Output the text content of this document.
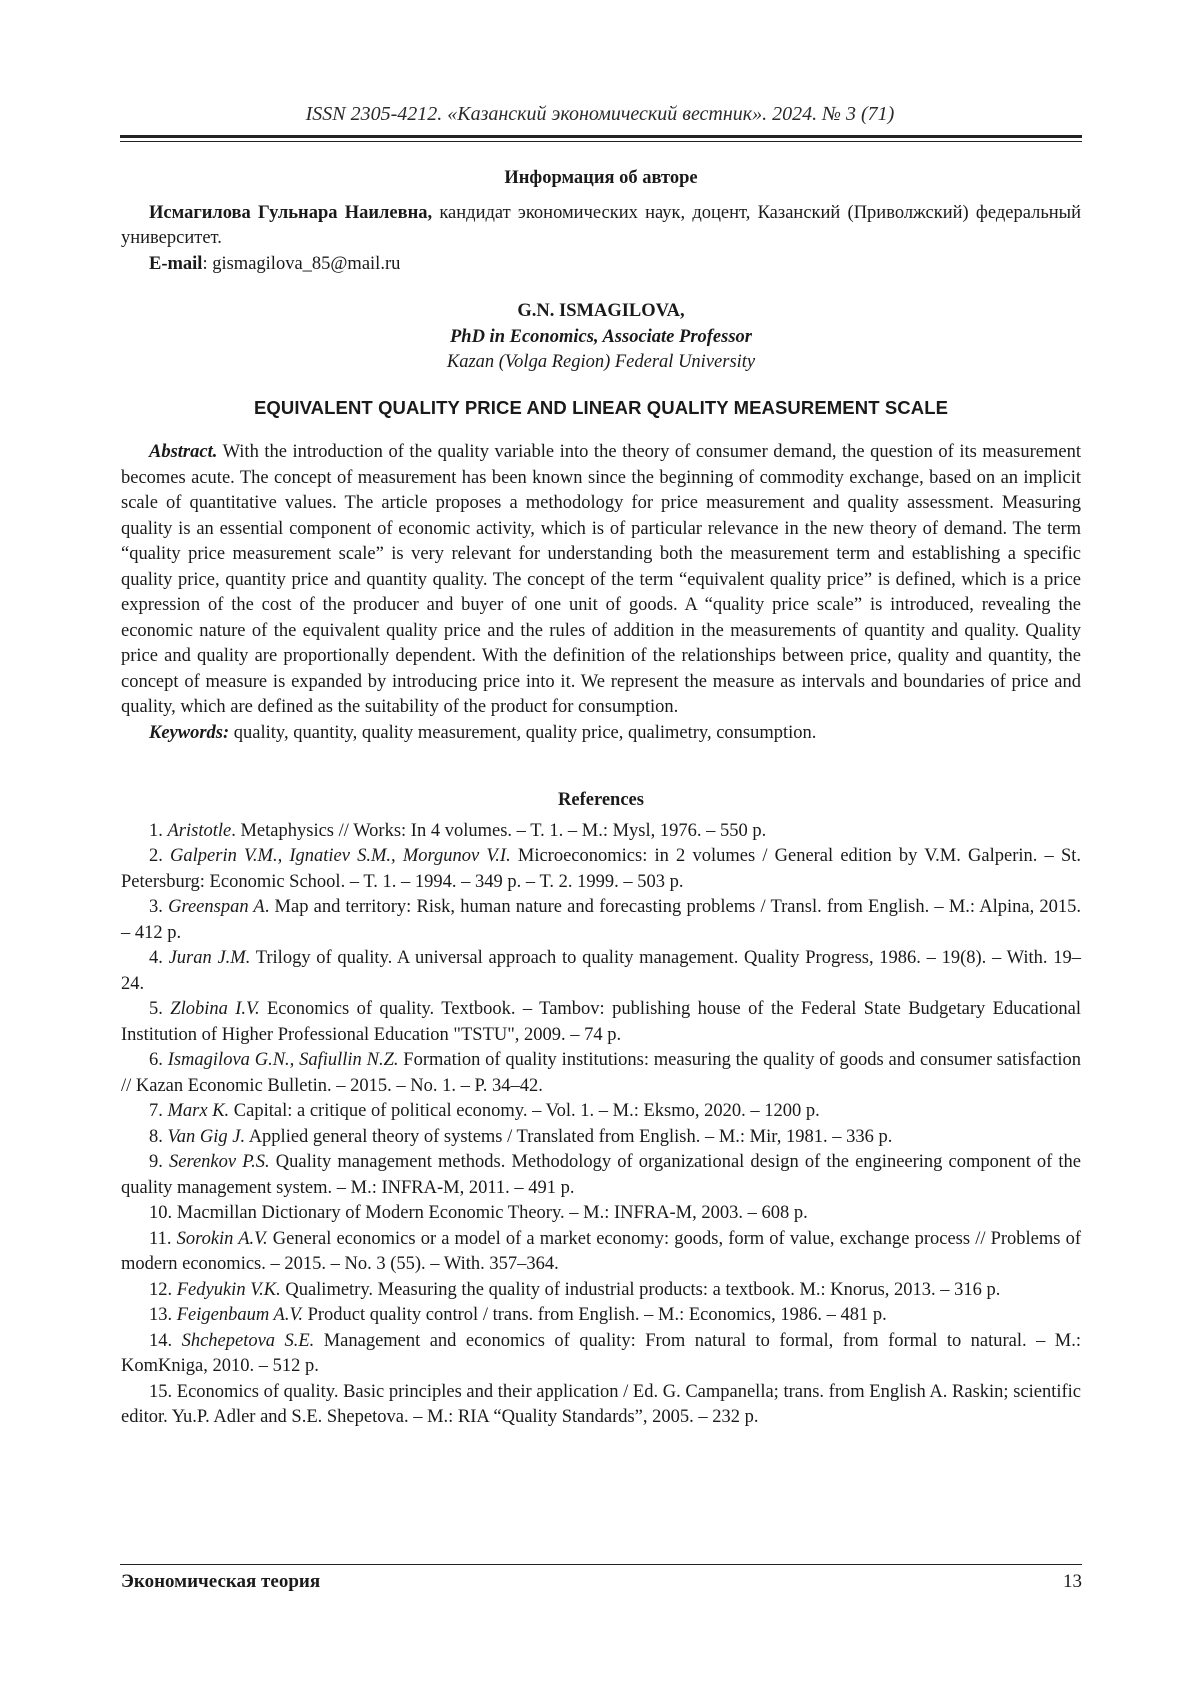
ISSN 2305-4212. «Казанский экономический вестник». 2024. № 3 (71)

Информация об авторе

Исмагилова Гульнара Наилевна, кандидат экономических наук, доцент, Казанский (Приволжский) федеральный университет.

E-mail: gismagilova_85@mail.ru

G.N. ISMAGILOVA,

PhD in Economics, Associate Professor

Kazan (Volga Region) Federal University

EQUIVALENT QUALITY PRICE AND LINEAR QUALITY MEASUREMENT SCALE

Abstract. With the introduction of the quality variable into the theory of consumer demand, the question of its measurement becomes acute. The concept of measurement has been known since the beginning of commodity exchange, based on an implicit scale of quantitative values. The article proposes a methodology for price measurement and quality assessment. Measuring quality is an essential component of economic activity, which is of particular relevance in the new theory of demand. The term “quality price measurement scale” is very relevant for understanding both the measurement term and establishing a specific quality price, quantity price and quantity quality. The concept of the term “equivalent quality price” is defined, which is a price expression of the cost of the producer and buyer of one unit of goods. A “quality price scale” is introduced, revealing the economic nature of the equivalent quality price and the rules of addition in the measurements of quantity and quality. Quality price and quality are proportionally dependent. With the definition of the relationships between price, quality and quantity, the concept of measure is expanded by introducing price into it. We represent the measure as intervals and boundaries of price and quality, which are defined as the suitability of the product for consumption.

Keywords: quality, quantity, quality measurement, quality price, qualimetry, consumption.

References

1. Aristotle. Metaphysics // Works: In 4 volumes. – T. 1. – M.: Mysl, 1976. – 550 p.

2. Galperin V.M., Ignatiev S.M., Morgunov V.I. Microeconomics: in 2 volumes / General edition by V.M. Galperin. – St. Petersburg: Economic School. – T. 1. – 1994. – 349 p. – T. 2. 1999. – 503 p.

3. Greenspan A. Map and territory: Risk, human nature and forecasting problems / Transl. from English. – M.: Alpina, 2015. – 412 p.

4. Juran J.M. Trilogy of quality. A universal approach to quality management. Quality Progress, 1986. – 19(8). – With. 19–24.

5. Zlobina I.V. Economics of quality. Textbook. – Tambov: publishing house of the Federal State Budgetary Educational Institution of Higher Professional Education "TSTU", 2009. – 74 p.

6. Ismagilova G.N., Safiullin N.Z. Formation of quality institutions: measuring the quality of goods and consumer satisfaction // Kazan Economic Bulletin. – 2015. – No. 1. – P. 34–42.

7. Marx K. Capital: a critique of political economy. – Vol. 1. – M.: Eksmo, 2020. – 1200 p.

8. Van Gig J. Applied general theory of systems / Translated from English. – M.: Mir, 1981. – 336 p.

9. Serenkov P.S. Quality management methods. Methodology of organizational design of the engineering component of the quality management system. – M.: INFRA-M, 2011. – 491 p.

10. Macmillan Dictionary of Modern Economic Theory. – M.: INFRA-M, 2003. – 608 p.

11. Sorokin A.V. General economics or a model of a market economy: goods, form of value, exchange process // Problems of modern economics. – 2015. – No. 3 (55). – With. 357–364.

12. Fedyukin V.K. Qualimetry. Measuring the quality of industrial products: a textbook. M.: Knorus, 2013. – 316 p.

13. Feigenbaum A.V. Product quality control / trans. from English. – M.: Economics, 1986. – 481 p.

14. Shchepetova S.E. Management and economics of quality: From natural to formal, from formal to natural. – M.: KomKniga, 2010. – 512 p.

15. Economics of quality. Basic principles and their application / Ed. G. Campanella; trans. from English A. Raskin; scientific editor. Yu.P. Adler and S.E. Shepetova. – M.: RIA “Quality Standards”, 2005. – 232 p.

Экономическая теория	13
